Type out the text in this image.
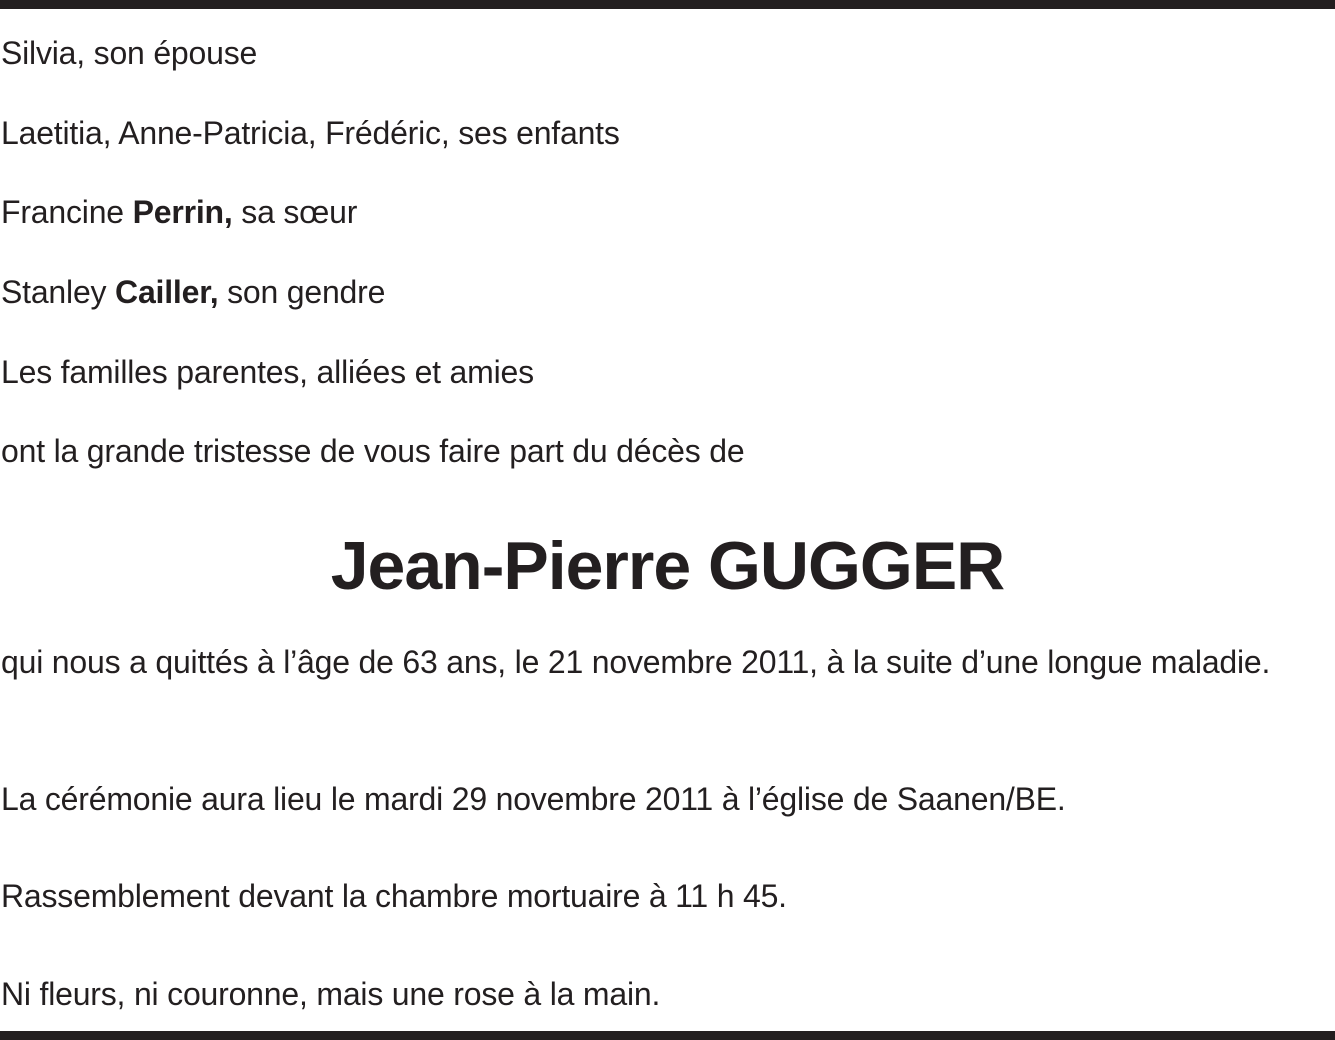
Silvia, son épouse
Laetitia, Anne-Patricia, Frédéric, ses enfants
Francine Perrin, sa sœur
Stanley Cailler, son gendre
Les familles parentes, alliées et amies
ont la grande tristesse de vous faire part du décès de
Jean-Pierre GUGGER
qui nous a quittés à l’âge de 63 ans, le 21 novembre 2011, à la suite d’une longue maladie.
La cérémonie aura lieu le mardi 29 novembre 2011 à l’église de Saanen/BE.
Rassemblement devant la chambre mortuaire à 11 h 45.
Ni fleurs, ni couronne, mais une rose à la main.
